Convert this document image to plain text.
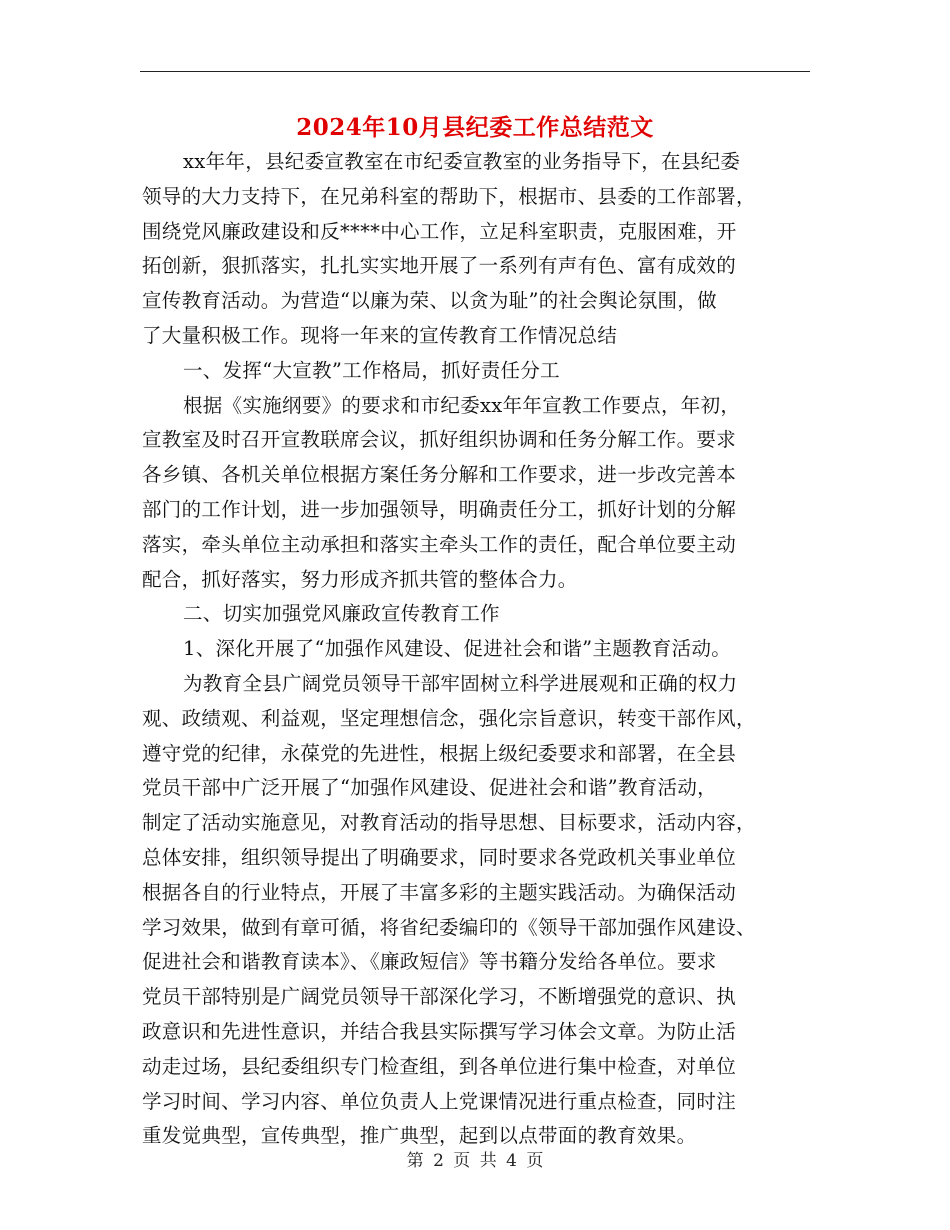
2024年10月县纪委工作总结范文
xx年年，县纪委宣教室在市纪委宣教室的业务指导下，在县纪委
领导的大力支持下，在兄弟科室的帮助下，根据市、县委的工作部署，
围绕党风廉政建设和反****中心工作，立足科室职责，克服困难，开
拓创新，狠抓落实，扎扎实实地开展了一系列有声有色、富有成效的
宣传教育活动。为营造“以廉为荣、以贪为耻”的社会舆论氛围，做
了大量积极工作。现将一年来的宣传教育工作情况总结
一、发挥“大宣教”工作格局，抓好责任分工
根据《实施纲要》的要求和市纪委xx年年宣教工作要点，年初，
宣教室及时召开宣教联席会议，抓好组织协调和任务分解工作。要求
各乡镇、各机关单位根据方案任务分解和工作要求，进一步改完善本
部门的工作计划，进一步加强领导，明确责任分工，抓好计划的分解
落实，牵头单位主动承担和落实主牵头工作的责任，配合单位要主动
配合，抓好落实，努力形成齐抓共管的整体合力。
二、切实加强党风廉政宣传教育工作
1、深化开展了“加强作风建设、促进社会和谐”主题教育活动。
为教育全县广阔党员领导干部牢固树立科学进展观和正确的权力
观、政绩观、利益观，坚定理想信念，强化宗旨意识，转变干部作风，
遵守党的纪律，永葆党的先进性，根据上级纪委要求和部署，在全县
党员干部中广泛开展了“加强作风建设、促进社会和谐”教育活动，
制定了活动实施意见，对教育活动的指导思想、目标要求，活动内容，
总体安排，组织领导提出了明确要求，同时要求各党政机关事业单位
根据各自的行业特点，开展了丰富多彩的主题实践活动。为确保活动
学习效果，做到有章可循，将省纪委编印的《领导干部加强作风建设、
促进社会和谐教育读本》、《廉政短信》等书籍分发给各单位。要求
党员干部特别是广阔党员领导干部深化学习，不断增强党的意识、执
政意识和先进性意识，并结合我县实际撰写学习体会文章。为防止活
动走过场，县纪委组织专门检查组，到各单位进行集中检查，对单位
学习时间、学习内容、单位负责人上党课情况进行重点检查，同时注
重发觉典型，宣传典型，推广典型，起到以点带面的教育效果。
第 2 页 共 4 页
